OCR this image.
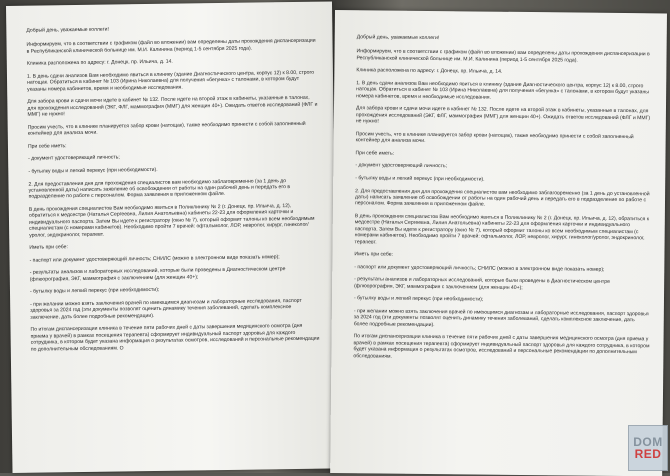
Добрый день, уважаемые коллеги!

Информируем, что в соответствии с графиком (файл во вложении) вам определены даты прохождения диспансеризации в Республиканской клинической больнице им. М.И. Калинина (период 1-5 сентября 2025 года).

Клиника расположена по адресу: г. Донецк, пр. Ильича, д. 14.

1. В день сдачи анализов Вам необходимо явиться в клинику (здание Диагностического центра, корпус 12) к 8.00, строго натощак. Обратиться в кабинет № 103 (Ирина Николаевна) для получения «бегунка» с талонами, в котором будут указаны номера кабинетов, время и необходимые исследования.

Для забора крови и сдачи мочи идете в кабинет № 132. После идете на второй этаж в кабинеты, указанные в талонах, для прохождения исследований (ЭКГ, ФЛГ, маммография (ММГ) для женщин 40+). Ожидать ответов исследований (ФЛГ и ММГ) не нужно!

Просим учесть, что в клинике планируется забор крови (натощак), также необходимо принести с собой заполненный контейнер для анализа мочи.

При себе иметь:

- документ удостоверяющий личность;

- бутылку воды и легкий перекус (при необходимости).

2. Для предоставления дня для прохождения специалистов вам необходимо заблаговременно (за 1 день до установленной даты) написать заявление об освобождении от работы на один рабочий день и передать его в подразделение по работе с персоналом. Форма заявления в приложенном файле.

В день прохождения специалистов Вам необходимо явиться в Поликлинику № 2 (г. Донецк, пр. Ильича, д. 12), обратиться к медсестре (Наталья Сергеевна, Лилия Анатольевна) кабинеты 22-23 для оформления карточки и индивидуального паспорта. Затем Вы идете к регистратору (окно № 7), который оформит талоны ко всем необходимым специалистам (с номерами кабинетов). Необходимо пройти 7 врачей: офтальмолог, ЛОР, невролог, хирург, гинеколог/уролог, эндокринолог, терапевт.

Иметь при себе:

- паспорт или документ удостоверяющий личность; СНИЛС (можно в электронном виде показать номер);

- результаты анализов и лабораторных исследований, которые были проведены в Диагностическом центре (флюорография, ЭКГ, маммография с заключением (для женщин 40+);

- бутылку воды и легкий перекус (при необходимости);

- при желании можно взять заключения врачей по имеющимся диагнозам и лабораторные исследования, паспорт здоровья за 2024 год (эти документы позволят оценить динамику течения заболеваний, сделать комплексное заключение, дать более подробные рекомендации).

По итогам диспансеризации клиника в течение пяти рабочих дней с даты завершения медицинского осмотра (дня приема у врачей) в рамках посещения терапевта) сформирует индивидуальный паспорт здоровья для каждого сотрудника, в котором будет указана информация о результатах осмотров, исследований и персональные рекомендации по дополнительным обследованиям. О

Добрый день, уважаемые коллеги!

Информируем, что в соответствии с графиком (файл во вложении) вам определены даты прохождения диспансеризации в Республиканской клинической больнице им. М.И. Калинина (период 1-5 сентября 2025 года).

Клиника расположена по адресу: г. Донецк, пр. Ильича, д. 14.

1. В день сдачи анализов Вам необходимо явиться в клинику (здание Диагностического центра, корпус 12) к 8.00, строго натощак. Обратиться в кабинет № 103 (Ирина Николаевна) для получения «бегунка» с талонами, в котором будут указаны номера кабинетов, время и необходимые исследования.

Для забора крови и сдачи мочи идете в кабинет № 132. После идете на второй этаж в кабинеты, указанные в талонах, для прохождения исследований (ЭКГ, ФЛГ, маммография (ММГ) для женщин 40+). Ожидать ответов исследований (ФЛГ и ММГ) не нужно!

Просим учесть, что в клинике планируется забор крови (натощак), также необходимо принести с собой заполненный контейнер для анализа мочи.

При себе иметь:

- документ удостоверяющий личность;

- бутылку воды и легкий перекус (при необходимости).

2. Для предоставления дня для прохождения специалистов вам необходимо заблаговременно (за 1 день до установленной даты) написать заявление об освобождении от работы на один рабочий день и передать его в подразделение по работе с персоналом. Форма заявления в приложенном файле.

В день прохождения специалистов Вам необходимо явиться в Поликлинику № 2 (г. Донецк, пр. Ильича, д. 12), обратиться к медсестре (Наталья Сергеевна, Лилия Анатольевна) кабинеты 22-23 для оформления карточки и индивидуального паспорта. Затем Вы идете к регистратору (окно № 7), который оформит талоны ко всем необходимым специалистам (с номерами кабинетов). Необходимо пройти 7 врачей: офтальмолог, ЛОР, невролог, хирург, гинеколог/уролог, эндокринолог, терапевт.

Иметь при себе:

- паспорт или документ удостоверяющий личность; СНИЛС (можно в электронном виде показать номер);

- результаты анализов и лабораторных исследований, которые были проведены в Диагностическом центре (флюорография, ЭКГ, маммография с заключением (для женщин 40+);

- бутылку воды и легкий перекус (при необходимости);

- при желании можно взять заключения врачей по имеющимся диагнозам и лабораторные исследования, паспорт здоровья за 2024 год (эти документы позволят оценить динамику течения заболеваний, сделать комплексное заключение, дать более подробные рекомендации).

По итогам диспансеризации клиника в течение пяти рабочих дней с даты завершения медицинского осмотра (дня приема у врачей) в рамках посещения терапевта) сформирует индивидуальный паспорт здоровья для каждого сотрудника, в котором будет указана информация о результатах осмотров, исследований и персональные рекомендации по дополнительным обследованиям.

DOM
RED
